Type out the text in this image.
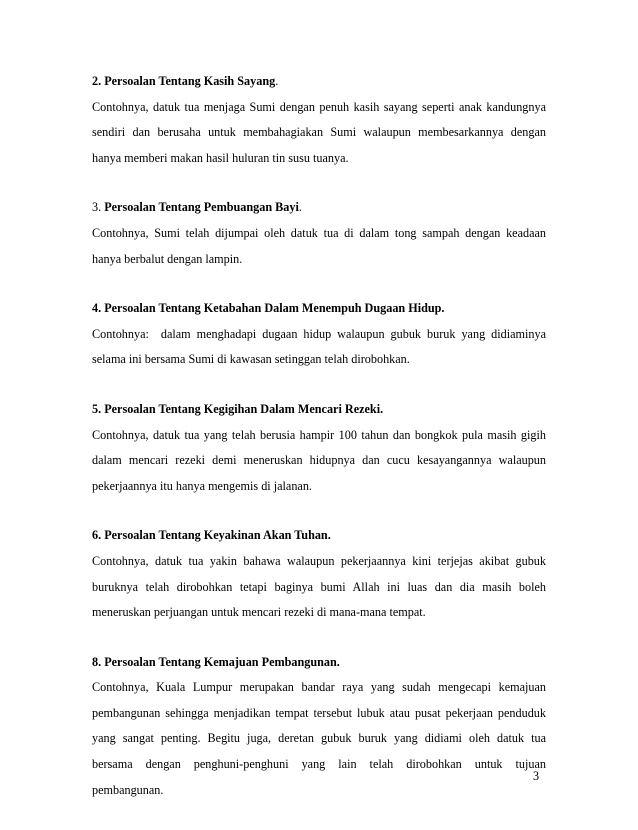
2. Persoalan Tentang Kasih Sayang.
Contohnya, datuk tua menjaga Sumi dengan penuh kasih sayang seperti anak kandungnya
sendiri dan berusaha untuk membahagiakan Sumi walaupun membesarkannya dengan
hanya memberi makan hasil huluran tin susu tuanya.
3. Persoalan Tentang Pembuangan Bayi.
Contohnya, Sumi telah dijumpai oleh datuk tua di dalam tong sampah dengan keadaan
hanya berbalut dengan lampin.
4. Persoalan Tentang Ketabahan Dalam Menempuh Dugaan Hidup.
Contohnya:  dalam menghadapi dugaan hidup walaupun gubuk buruk yang didiaminya
selama ini bersama Sumi di kawasan setinggan telah dirobohkan.
5. Persoalan Tentang Kegigihan Dalam Mencari Rezeki.
Contohnya, datuk tua yang telah berusia hampir 100 tahun dan bongkok pula masih gigih
dalam mencari rezeki demi meneruskan hidupnya dan cucu kesayangannya walaupun
pekerjaannya itu hanya mengemis di jalanan.
6. Persoalan Tentang Keyakinan Akan Tuhan.
Contohnya, datuk tua yakin bahawa walaupun pekerjaannya kini terjejas akibat gubuk
buruknya telah dirobohkan tetapi baginya bumi Allah ini luas dan dia masih boleh
meneruskan perjuangan untuk mencari rezeki di mana-mana tempat.
8. Persoalan Tentang Kemajuan Pembangunan.
Contohnya, Kuala Lumpur merupakan bandar raya yang sudah mengecapi kemajuan
pembangunan sehingga menjadikan tempat tersebut lubuk atau pusat pekerjaan penduduk
yang sangat penting. Begitu juga, deretan gubuk buruk yang didiami oleh datuk tua
bersama dengan penghuni-penghuni yang lain telah dirobohkan untuk tujuan
pembangunan.
3
